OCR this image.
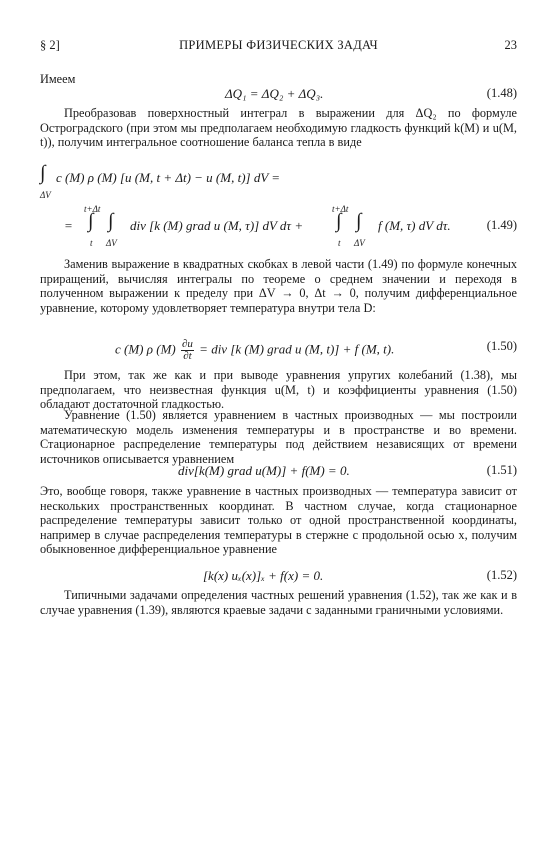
§ 2]	ПРИМЕРЫ ФИЗИЧЕСКИХ ЗАДАЧ	23
Имеем
ΔQ₁ = ΔQ₂ + ΔQ₃.	(1.48)
Преобразовав поверхностный интеграл в выражении для ΔQ₂ по формуле Остроградского (при этом мы предполагаем необходимую гладкость функций k(M) и u(M, t)), получим интегральное соотношение баланса тепла в виде
∫
ΔV
c (M) ρ (M) [u (M, t + Δt) − u (M, t)] dV =
=
t+Δt
∫
t
∫
ΔV
div [k (M) grad u (M, τ)] dV dτ +
t+Δt
∫
t
∫
ΔV
f (M, τ) dV dτ.	(1.49)
Заменив выражение в квадратных скобках в левой части (1.49) по формуле конечных приращений, вычисляя интегралы по теореме о среднем значении и переходя в полученном выражении к пределу при ΔV → 0, Δt → 0, получим дифференциальное уравнение, которому удовлетворяет температура внутри тела D:
c (M) ρ $(M) \frac{\partial u}{\partial t}$ = div [k (M) grad u (M, t)] + f (M, t).	(1.50)
При этом, так же как и при выводе уравнения упругих колебаний (1.38), мы предполагаем, что неизвестная функция u(M, t) и коэффициенты уравнения (1.50) обладают достаточной гладкостью.
Уравнение (1.50) является уравнением в частных производных — мы построили математическую модель изменения температуры и в пространстве и во времени. Стационарное распределение температуры под действием независящих от времени источников описывается уравнением
div[k(M) grad u(M)] + f(M) = 0.	(1.51)
Это, вообще говоря, также уравнение в частных производных — температура зависит от нескольких пространственных координат. В частном случае, когда стационарное распределение температуры зависит только от одной пространственной координаты, например в случае распределения температуры в стержне с продольной осью x, получим обыкновенное дифференциальное уравнение
[k(x) uₓ(x)]ₓ + f(x) = 0.	(1.52)
Типичными задачами определения частных решений уравнения (1.52), так же как и в случае уравнения (1.39), являются краевые задачи с заданными граничными условиями.
